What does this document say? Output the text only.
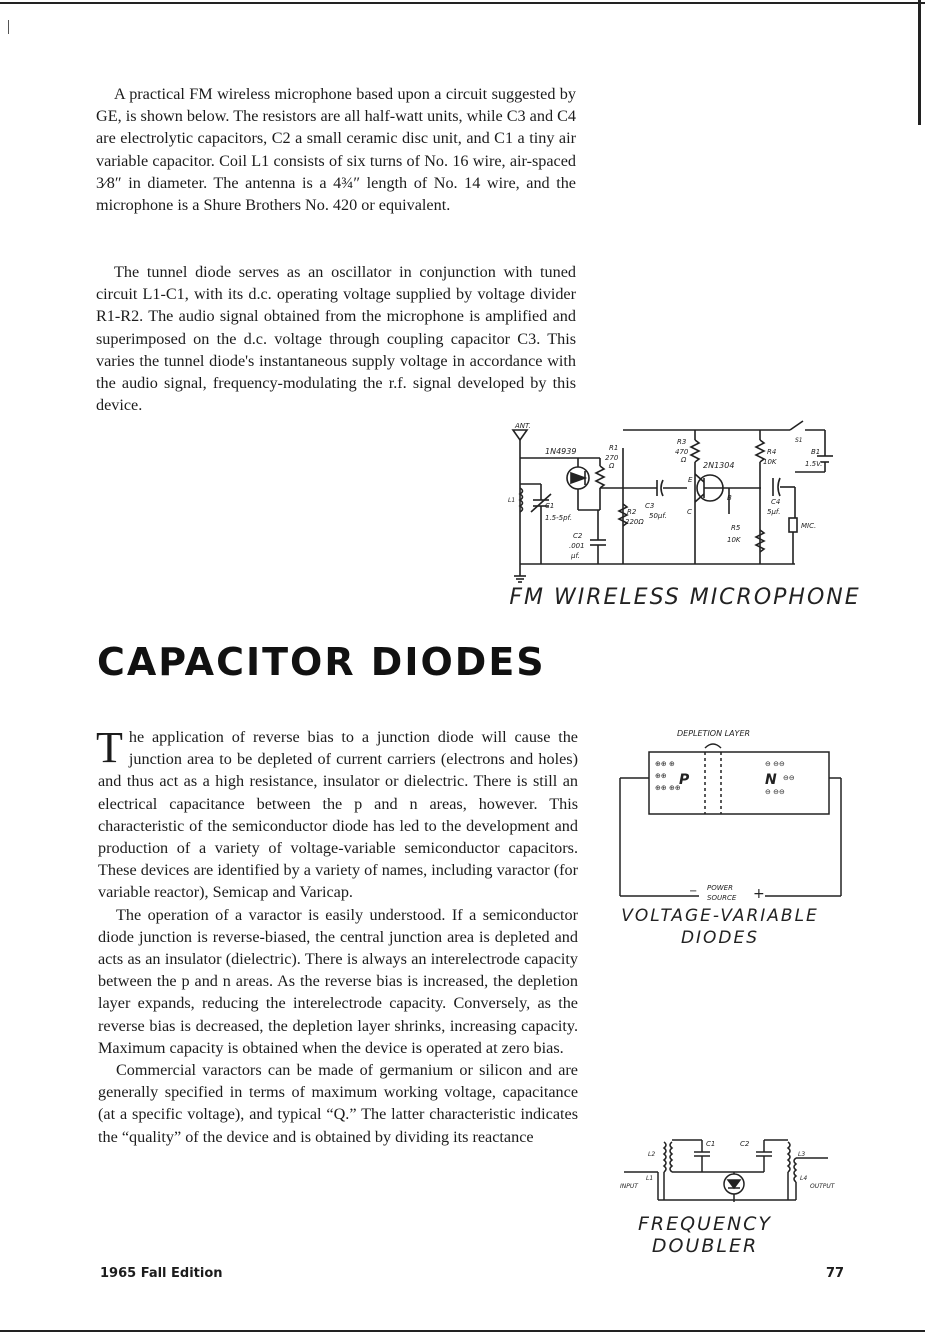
A practical FM wireless microphone based upon a circuit suggested by GE, is shown below. The resistors are all half-watt units, while C3 and C4 are electrolytic capacitors, C2 a small ceramic disc unit, and C1 a tiny air variable capacitor. Coil L1 consists of six turns of No. 16 wire, air-spaced 3⁄8″ in diameter. The antenna is a 4¾″ length of No. 14 wire, and the microphone is a Shure Brothers No. 420 or equivalent.

The tunnel diode serves as an oscillator in conjunction with tuned circuit L1-C1, with its d.c. operating voltage supplied by voltage divider R1-R2. The audio signal obtained from the microphone is amplified and superimposed on the d.c. voltage through coupling capacitor C3. This varies the tunnel diode's instantaneous supply voltage in accordance with the audio signal, frequency-modulating the r.f. signal developed by this device.

ANT.
1N4939	R1
270
Ω
R3
470
Ω
C3
50μf.
2N1304
E
B
C
R4
10K
S1
B1
1.5V.
L1
C1
1.5-5pf.
R2
220Ω
C2
.001
μf.
C4
5μf.
R5
10K
MIC.

FM WIRELESS MICROPHONE

CAPACITOR DIODES

The application of reverse bias to a junction diode will cause the junction area to be depleted of current carriers (electrons and holes) and thus act as a high resistance, insulator or dielectric. There is still an electrical capacitance between the p and n areas, however. This characteristic of the semiconductor diode has led to the development and production of a variety of voltage-variable semiconductor capacitors. These devices are identified by a variety of names, including varactor (for variable reactor), Semicap and Varicap.

The operation of a varactor is easily understood. If a semiconductor diode junction is reverse-biased, the central junction area is depleted and acts as an insulator (dielectric). There is always an interelectrode capacity between the p and n areas. As the reverse bias is increased, the depletion layer expands, reducing the interelectrode capacity. Conversely, as the reverse bias is decreased, the depletion layer shrinks, increasing capacity. Maximum capacity is obtained when the device is operated at zero bias.

Commercial varactors can be made of germanium or silicon and are generally specified in terms of maximum working voltage, capacitance (at a specific voltage), and typical “Q.” The latter characteristic indicates the “quality” of the device and is obtained by dividing its reactance

⊕⊕ ⊕
⊕⊕
⊕⊕ ⊕⊕
⊖ ⊖⊖
⊖⊖
⊖ ⊖⊖
DEPLETION LAYER
P	N
− POWER
SOURCE +

VOLTAGE-VARIABLE

DIODES

C1	C2
L1
L2	L3
L4
INPUT	OUTPUT

FREQUENCY

DOUBLER

1965 Fall Edition	77
